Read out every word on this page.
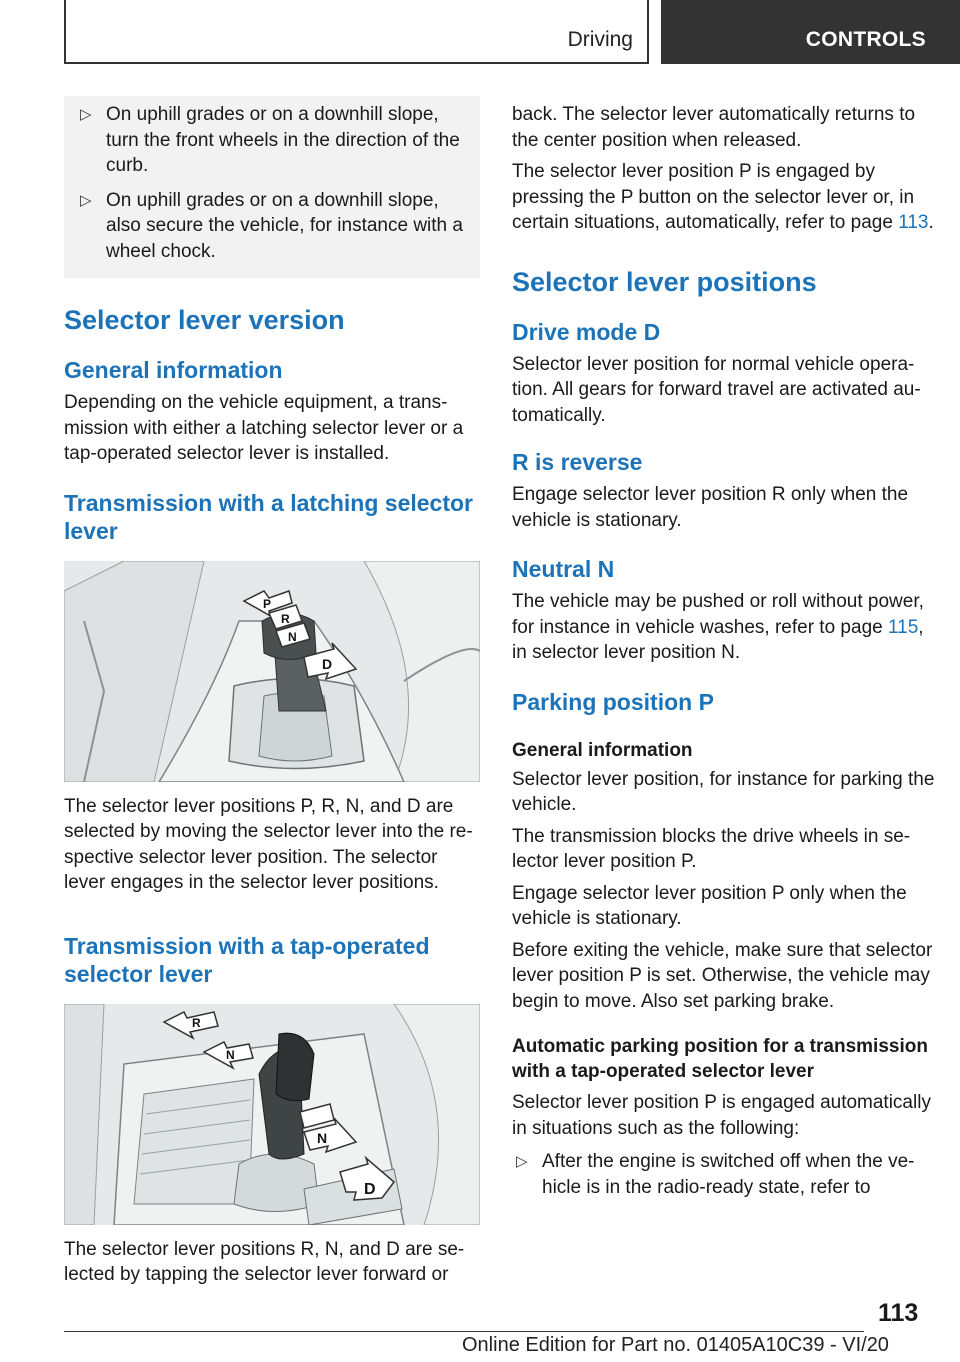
Driving	CONTROLS
▷ On uphill grades or on a downhill slope, turn the front wheels in the direction of the curb.
▷ On uphill grades or on a downhill slope, also secure the vehicle, for instance with a wheel chock.
Selector lever version
General information

Depending on the vehicle equipment, a transmission with either a latching selector lever or a tap-operated selector lever is installed.

Transmission with a latching selector lever
P
R
N
D

The selector lever positions P, R, N, and D are selected by moving the selector lever into the respective selector lever position. The selector lever engages in the selector lever positions.

Transmission with a tap-operated selector lever
R
N
N
D

The selector lever positions R, N, and D are selected by tapping the selector lever forward or

back. The selector lever automatically returns to the center position when released.

The selector lever position P is engaged by pressing the P button on the selector lever or, in certain situations, automatically, refer to page 113.

Selector lever positions
Drive mode D

Selector lever position for normal vehicle operation. All gears for forward travel are activated automatically.

R is reverse

Engage selector lever position R only when the vehicle is stationary.

Neutral N

The vehicle may be pushed or roll without power, for instance in vehicle washes, refer to page 115, in selector lever position N.

Parking position P
General information

Selector lever position, for instance for parking the vehicle.

The transmission blocks the drive wheels in selector lever position P.

Engage selector lever position P only when the vehicle is stationary.

Before exiting the vehicle, make sure that selector lever position P is set. Otherwise, the vehicle may begin to move. Also set parking brake.

Automatic parking position for a transmission with a tap-operated selector lever

Selector lever position P is engaged automatically in situations such as the following:

▷ After the engine is switched off when the vehicle is in the radio-ready state, refer to
113
Online Edition for Part no. 01405A10C39 - VI/20
